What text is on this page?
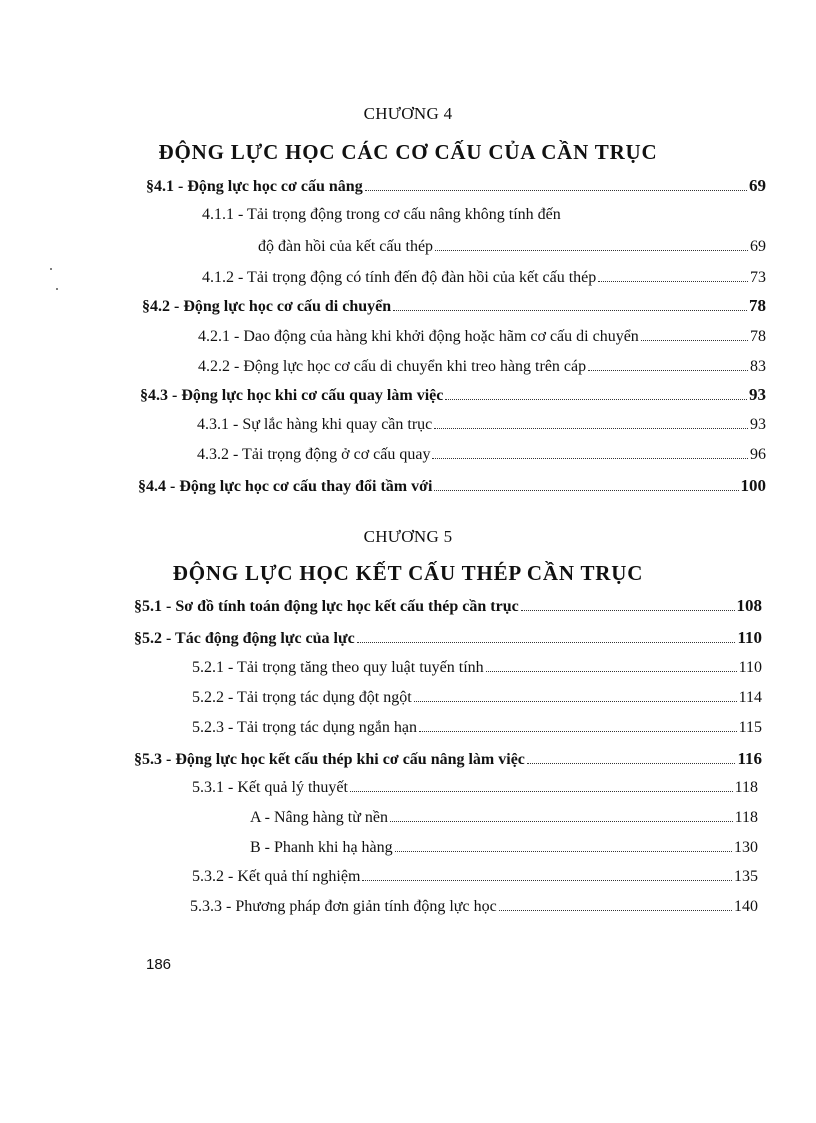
CHƯƠNG 4
ĐỘNG LỰC HỌC CÁC CƠ CẤU CỦA CẦN TRỤC
§4.1 - Động lực học cơ cấu nâng	69
4.1.1 - Tải trọng động trong cơ cấu nâng không tính đến
độ đàn hồi của kết cấu thép	69
4.1.2 - Tải trọng động có tính đến độ đàn hồi của kết cấu thép	73
§4.2 - Động lực học cơ cấu di chuyển	78
4.2.1 - Dao động của hàng khi khởi động hoặc hãm cơ cấu di chuyển	78
4.2.2 - Động lực học cơ cấu di chuyển khi treo hàng trên cáp	83
§4.3 - Động lực học khi cơ cấu quay làm việc	93
4.3.1 - Sự lắc hàng khi quay cần trục	93
4.3.2 - Tải trọng động ở cơ cấu quay	96
§4.4 - Động lực học cơ cấu thay đổi tầm với	100
CHƯƠNG 5
ĐỘNG LỰC HỌC KẾT CẤU THÉP CẦN TRỤC
§5.1 - Sơ đồ tính toán động lực học kết cấu thép cần trục	108
§5.2 - Tác động động lực của lực	110
5.2.1 - Tải trọng tăng theo quy luật tuyến tính	110
5.2.2 - Tải trọng tác dụng đột ngột	114
5.2.3 - Tải trọng tác dụng ngắn hạn	115
§5.3 - Động lực học kết cấu thép khi cơ cấu nâng làm việc	116
5.3.1 - Kết quả lý thuyết	118
A - Nâng hàng từ nền	118
B - Phanh khi hạ hàng	130
5.3.2 - Kết quả thí nghiệm	135
5.3.3 - Phương pháp đơn giản tính động lực học	140
186
